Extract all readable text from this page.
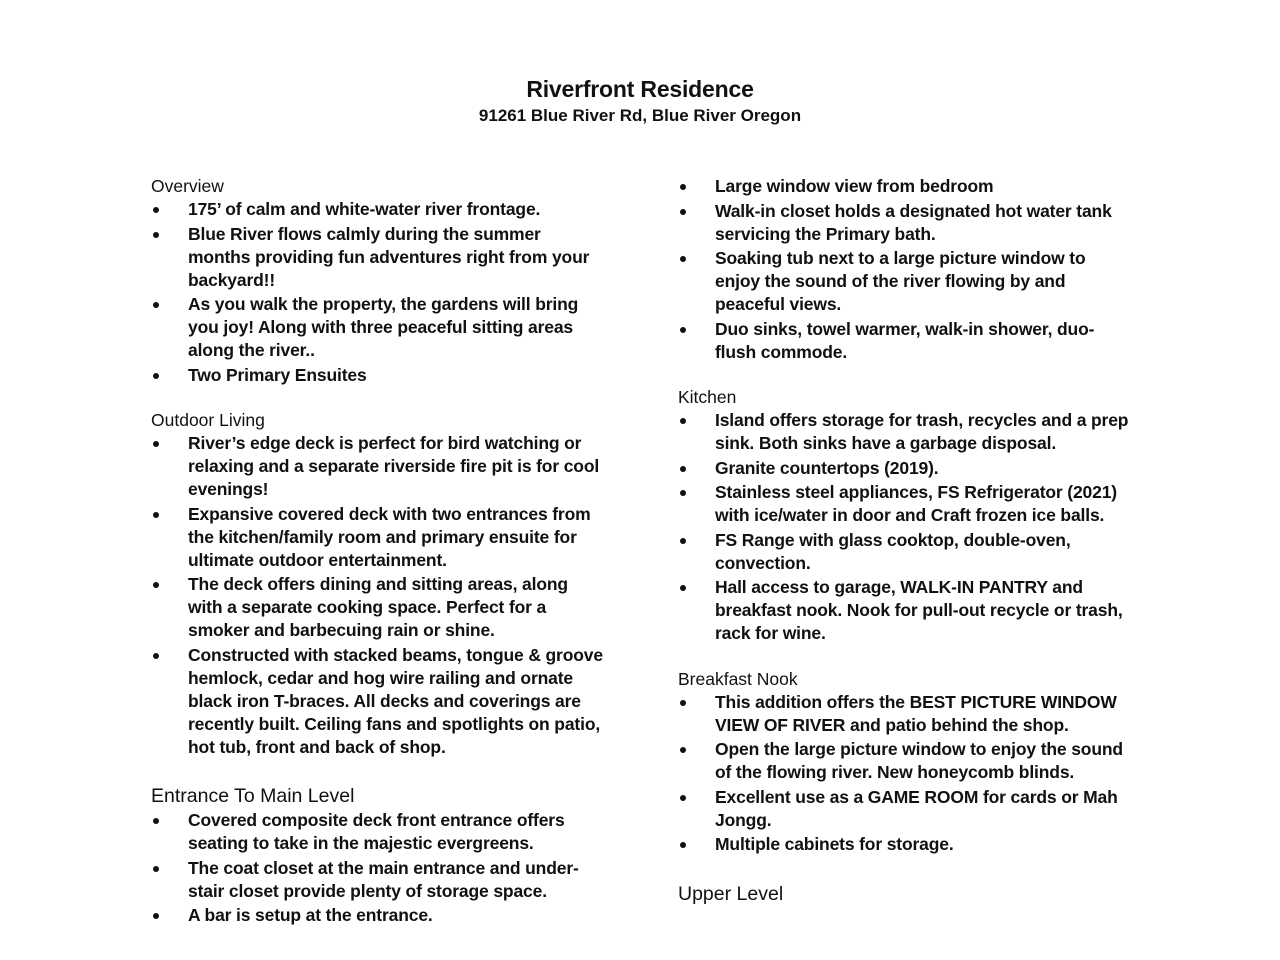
Riverfront Residence
91261 Blue River Rd, Blue River Oregon
Overview
175’ of calm and white-water river frontage.
Blue River flows calmly during the summer months providing fun adventures right from your backyard!!
As you walk the property, the gardens will bring you joy! Along with three peaceful sitting areas along the river..
Two Primary Ensuites
Outdoor Living
River’s edge deck is perfect for bird watching or relaxing and a separate riverside fire pit is for cool evenings!
Expansive covered deck with two entrances from the kitchen/family room and primary ensuite for ultimate outdoor entertainment.
The deck offers dining and sitting areas, along with a separate cooking space. Perfect for a smoker and barbecuing rain or shine.
Constructed with stacked beams, tongue & groove hemlock, cedar and hog wire railing and ornate black iron T-braces. All decks and coverings are recently built. Ceiling fans and spotlights on patio, hot tub, front and back of shop.
Entrance To Main Level
Covered composite deck front entrance offers seating to take in the majestic evergreens.
The coat closet at the main entrance and under-stair closet provide plenty of storage space.
A bar is setup at the entrance.
Large window view from bedroom
Walk-in closet holds a designated hot water tank servicing the Primary bath.
Soaking tub next to a large picture window to enjoy the sound of the river flowing by and peaceful views.
Duo sinks, towel warmer, walk-in shower, duo-flush commode.
Kitchen
Island offers storage for trash, recycles and a prep sink. Both sinks have a garbage disposal.
Granite countertops (2019).
Stainless steel appliances, FS Refrigerator (2021) with ice/water in door and Craft frozen ice balls.
FS Range with glass cooktop, double-oven, convection.
Hall access to garage, WALK-IN PANTRY and breakfast nook. Nook for pull-out recycle or trash, rack for wine.
Breakfast Nook
This addition offers the BEST PICTURE WINDOW VIEW OF RIVER and patio behind the shop.
Open the large picture window to enjoy the sound of the flowing river. New honeycomb blinds.
Excellent use as a GAME ROOM for cards or Mah Jongg.
Multiple cabinets for storage.
Upper Level
